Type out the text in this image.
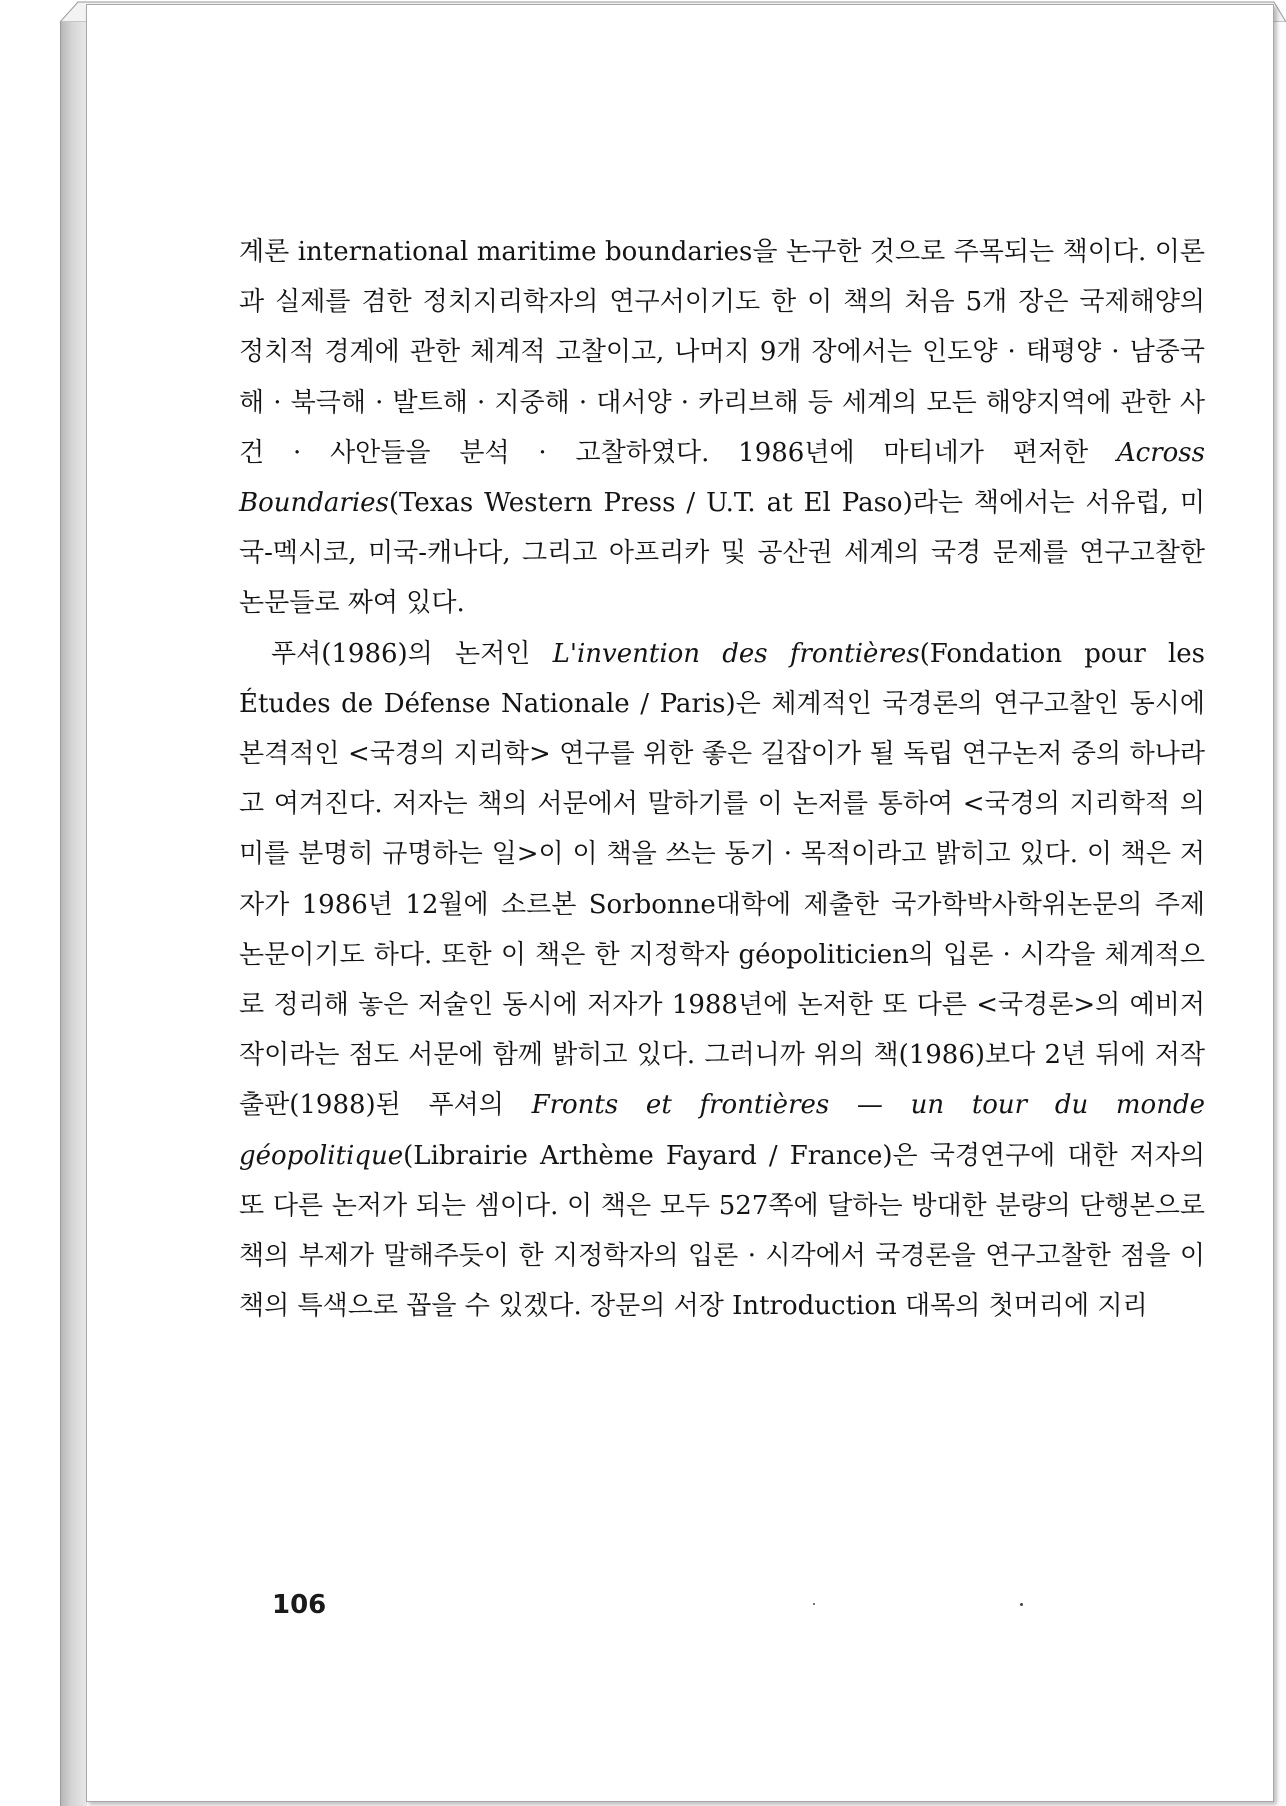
계론 international maritime boundaries을 논구한 것으로 주목되는 책이다. 이론과 실제를 겸한 정치지리학자의 연구서이기도 한 이 책의 처음 5개 장은 국제해양의 정치적 경계에 관한 체계적 고찰이고, 나머지 9개 장에서는 인도양 · 태평양 · 남중국해 · 북극해 · 발트해 · 지중해 · 대서양 · 카리브해 등 세계의 모든 해양지역에 관한 사건 · 사안들을 분석 · 고찰하였다. 1986년에 마티네가 편저한 Across Boundaries(Texas Western Press / U.T. at El Paso)라는 책에서는 서유럽, 미국-멕시코, 미국-캐나다, 그리고 아프리카 및 공산권 세계의 국경 문제를 연구고찰한 논문들로 짜여 있다.

푸셔(1986)의 논저인 L'invention des frontières(Fondation pour les Études de Défense Nationale / Paris)은 체계적인 국경론의 연구고찰인 동시에 본격적인 <국경의 지리학> 연구를 위한 좋은 길잡이가 될 독립 연구논저 중의 하나라고 여겨진다. 저자는 책의 서문에서 말하기를 이 논저를 통하여 <국경의 지리학적 의미를 분명히 규명하는 일>이 이 책을 쓰는 동기 · 목적이라고 밝히고 있다. 이 책은 저자가 1986년 12월에 소르본 Sorbonne대학에 제출한 국가학박사학위논문의 주제 논문이기도 하다. 또한 이 책은 한 지정학자 géopoliticien의 입론 · 시각을 체계적으로 정리해 놓은 저술인 동시에 저자가 1988년에 논저한 또 다른 <국경론>의 예비저작이라는 점도 서문에 함께 밝히고 있다. 그러니까 위의 책(1986)보다 2년 뒤에 저작 출판(1988)된 푸셔의 Fronts et frontières — un tour du monde géopolitique(Librairie Arthème Fayard / France)은 국경연구에 대한 저자의 또 다른 논저가 되는 셈이다. 이 책은 모두 527쪽에 달하는 방대한 분량의 단행본으로 책의 부제가 말해주듯이 한 지정학자의 입론 · 시각에서 국경론을 연구고찰한 점을 이 책의 특색으로 꼽을 수 있겠다. 장문의 서장 Introduction 대목의 첫머리에 지리

106
